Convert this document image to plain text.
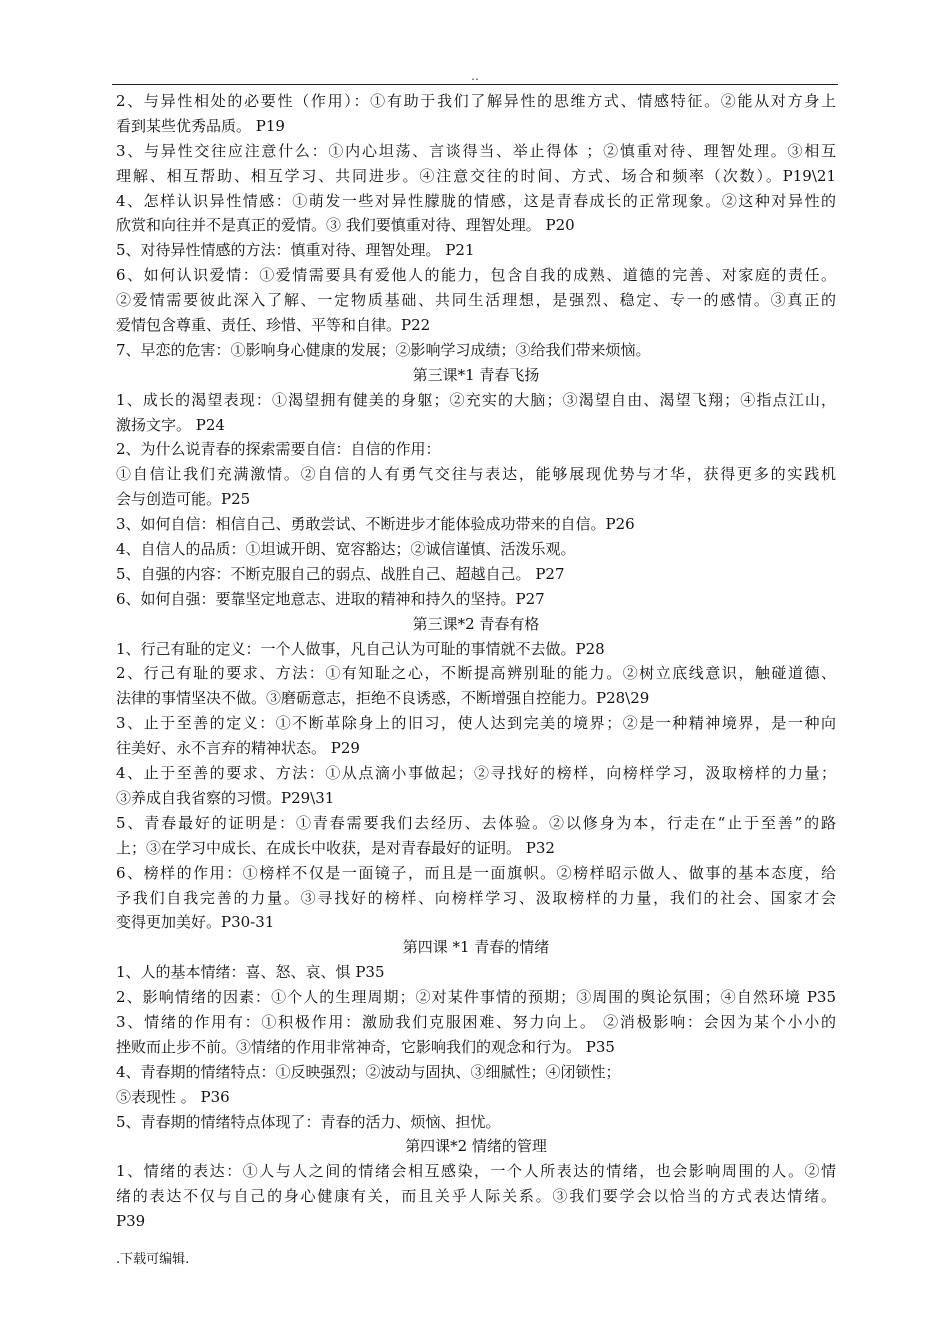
..
2、与异性相处的必要性（作用）：①有助于我们了解异性的思维方式、情感特征。②能从对方身上
看到某些优秀品质。 P19
3、与异性交往应注意什么：①内心坦荡、言谈得当、举止得体 ；②慎重对待、理智处理。③相互
理解、相互帮助、相互学习、共同进步。④注意交往的时间、方式、场合和频率（次数）。P19\21
4、怎样认识异性情感：①萌发一些对异性朦胧的情感，这是青春成长的正常现象。②这种对异性的
欣赏和向往并不是真正的爱情。③ 我们要慎重对待、理智处理。 P20
5、对待异性情感的方法：慎重对待、理智处理。 P21
6、如何认识爱情：①爱情需要具有爱他人的能力，包含自我的成熟、道德的完善、对家庭的责任。
②爱情需要彼此深入了解、一定物质基础、共同生活理想，是强烈、稳定、专一的感情。③真正的
爱情包含尊重、责任、珍惜、平等和自律。P22
7、早恋的危害：①影响身心健康的发展；②影响学习成绩；③给我们带来烦恼。
第三课*1 青春飞扬
1、成长的渴望表现：①渴望拥有健美的身躯；②充实的大脑；③渴望自由、渴望飞翔；④指点江山，
激扬文字。 P24
2、为什么说青春的探索需要自信：自信的作用：
①自信让我们充满激情。②自信的人有勇气交往与表达，能够展现优势与才华，获得更多的实践机
会与创造可能。P25
3、如何自信：相信自己、勇敢尝试、不断进步才能体验成功带来的自信。P26
4、自信人的品质：①坦诚开朗、宽容豁达；②诚信谨慎、活泼乐观。
5、自强的内容：不断克服自己的弱点、战胜自己、超越自己。 P27
6、如何自强：要靠坚定地意志、进取的精神和持久的坚持。P27
第三课*2 青春有格
1、行己有耻的定义：一个人做事，凡自己认为可耻的事情就不去做。P28
2、行己有耻的要求、方法：①有知耻之心，不断提高辨别耻的能力。②树立底线意识，触碰道德、
法律的事情坚决不做。③磨砺意志，拒绝不良诱惑，不断增强自控能力。P28\29
3、止于至善的定义：①不断革除身上的旧习，使人达到完美的境界；②是一种精神境界，是一种向
往美好、永不言弃的精神状态。 P29
4、止于至善的要求、方法：①从点滴小事做起；②寻找好的榜样，向榜样学习，汲取榜样的力量；
③养成自我省察的习惯。P29\31
5、青春最好的证明是：①青春需要我们去经历、去体验。②以修身为本，行走在“止于至善”的路
上；③在学习中成长、在成长中收获，是对青春最好的证明。 P32
6、榜样的作用：①榜样不仅是一面镜子，而且是一面旗帜。②榜样昭示做人、做事的基本态度，给
予我们自我完善的力量。③寻找好的榜样、向榜样学习、汲取榜样的力量，我们的社会、国家才会
变得更加美好。P30-31
第四课 *1 青春的情绪
1、人的基本情绪：喜、怒、哀、惧 P35
2、影响情绪的因素：①个人的生理周期；②对某件事情的预期；③周围的舆论氛围；④自然环境 P35
3、情绪的作用有：①积极作用：激励我们克服困难、努力向上。 ②消极影响：会因为某个小小的
挫败而止步不前。③情绪的作用非常神奇，它影响我们的观念和行为。 P35
4、青春期的情绪特点：①反映强烈；②波动与固执、③细腻性；④闭锁性；
⑤表现性 。 P36
5、青春期的情绪特点体现了：青春的活力、烦恼、担忧。
第四课*2 情绪的管理
1、情绪的表达：①人与人之间的情绪会相互感染，一个人所表达的情绪，也会影响周围的人。②情
绪的表达不仅与自己的身心健康有关，而且关乎人际关系。③我们要学会以恰当的方式表达情绪。
P39
.下载可编辑.
